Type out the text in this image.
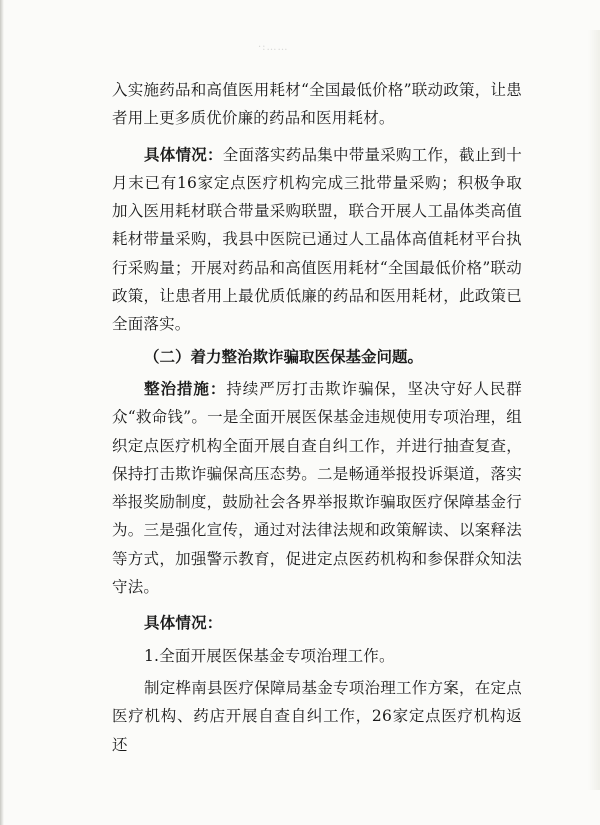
·:……

入实施药品和高值医用耗材“全国最低价格”联动政策，让患者用上更多质优价廉的药品和医用耗材。

具体情况：全面落实药品集中带量采购工作，截止到十月末已有16家定点医疗机构完成三批带量采购；积极争取加入医用耗材联合带量采购联盟，联合开展人工晶体类高值耗材带量采购，我县中医院已通过人工晶体高值耗材平台执行采购量；开展对药品和高值医用耗材“全国最低价格”联动政策，让患者用上最优质低廉的药品和医用耗材，此政策已全面落实。

（二）着力整治欺诈骗取医保基金问题。

整治措施：持续严厉打击欺诈骗保，坚决守好人民群众“救命钱”。一是全面开展医保基金违规使用专项治理，组织定点医疗机构全面开展自查自纠工作，并进行抽查复查，保持打击欺诈骗保高压态势。二是畅通举报投诉渠道，落实举报奖励制度，鼓励社会各界举报欺诈骗取医疗保障基金行为。三是强化宣传，通过对法律法规和政策解读、以案释法等方式，加强警示教育，促进定点医药机构和参保群众知法守法。

具体情况：

1.全面开展医保基金专项治理工作。

制定桦南县医疗保障局基金专项治理工作方案，在定点医疗机构、药店开展自查自纠工作，26家定点医疗机构返还
